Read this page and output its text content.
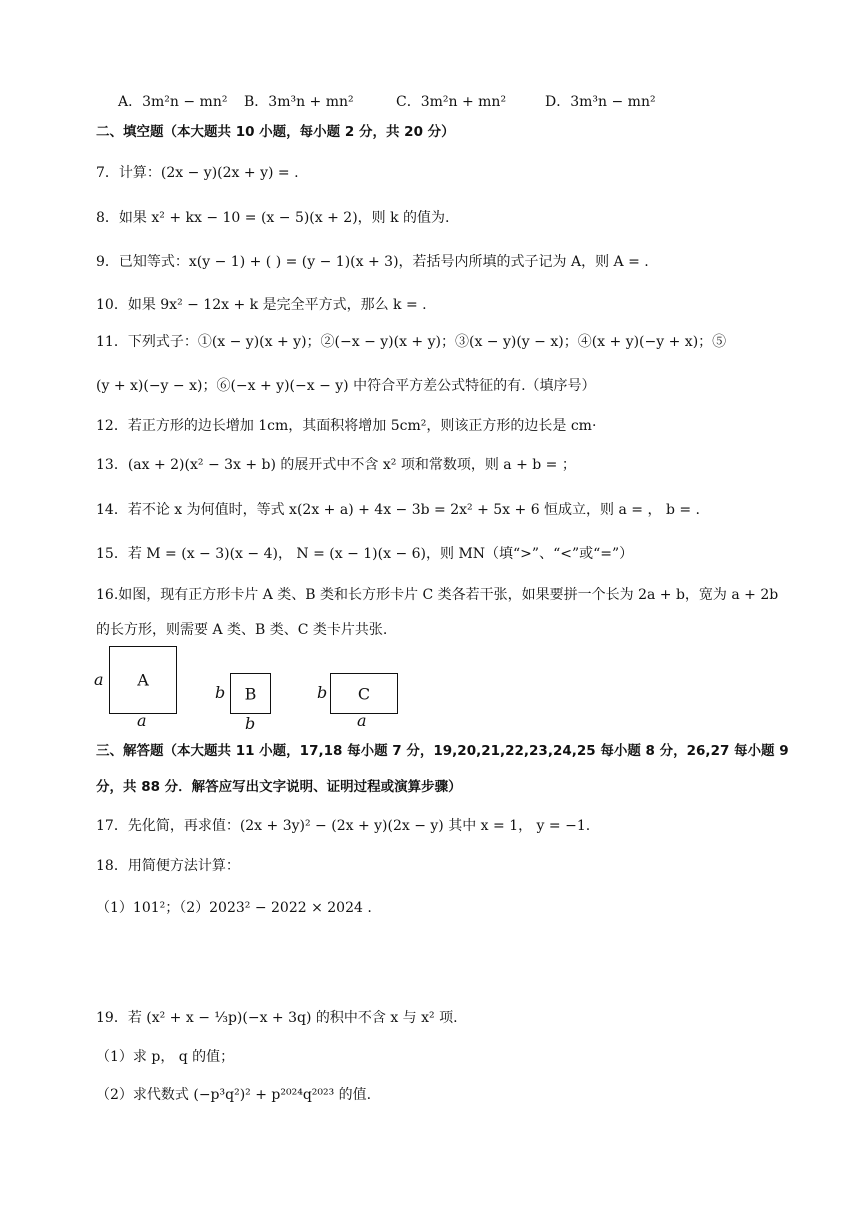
A．3m²n − mn² B．3m³n + mn²	C．3m²n + mn²	D．3m³n − mn²
二、填空题（本大题共 10 小题，每小题 2 分，共 20 分）
7．计算：(2x − y)(2x + y) = .
8．如果 x² + kx − 10 = (x − 5)(x + 2)，则 k 的值为.
9．已知等式：x(y − 1) + ( ) = (y − 1)(x + 3)，若括号内所填的式子记为 A，则 A = .
10．如果 9x² − 12x + k 是完全平方式，那么 k = .
11．下列式子：①(x − y)(x + y)；②(−x − y)(x + y)；③(x − y)(y − x)；④(x + y)(−y + x)；⑤
(y + x)(−y − x)；⑥(−x + y)(−x − y) 中符合平方差公式特征的有.（填序号）
12．若正方形的边长增加 1cm，其面积将增加 5cm²，则该正方形的边长是 cm·
13．(ax + 2)(x² − 3x + b) 的展开式中不含 x² 项和常数项，则 a + b = ；
14．若不论 x 为何值时，等式 x(2x + a) + 4x − 3b = 2x² + 5x + 6 恒成立，则 a = ， b = .
15．若 M = (x − 3)(x − 4)， N = (x − 1)(x − 6)，则 MN（填“>”、“<”或“=”）
16.如图，现有正方形卡片 A 类、B 类和长方形卡片 C 类各若干张，如果要拼一个长为 2a + b，宽为 a + 2b
的长方形，则需要 A 类、B 类、C 类卡片共张.
a	A
a
b	B
b
b	C
a
三、解答题（本大题共 11 小题，17,18 每小题 7 分，19,20,21,22,23,24,25 每小题 8 分，26,27 每小题 9
分，共 88 分．解答应写出文字说明、证明过程或演算步骤）
17．先化简，再求值：(2x + 3y)² − (2x + y)(2x − y) 其中 x = 1， y = −1.
18．用简便方法计算：
（1）101²；（2）2023² − 2022 × 2024 .
19．若 (x² + x − ⅓p)(−x + 3q) 的积中不含 x 与 x² 项.
（1）求 p， q 的值；
（2）求代数式 (−p³q²)² + p²⁰²⁴q²⁰²³ 的值.
